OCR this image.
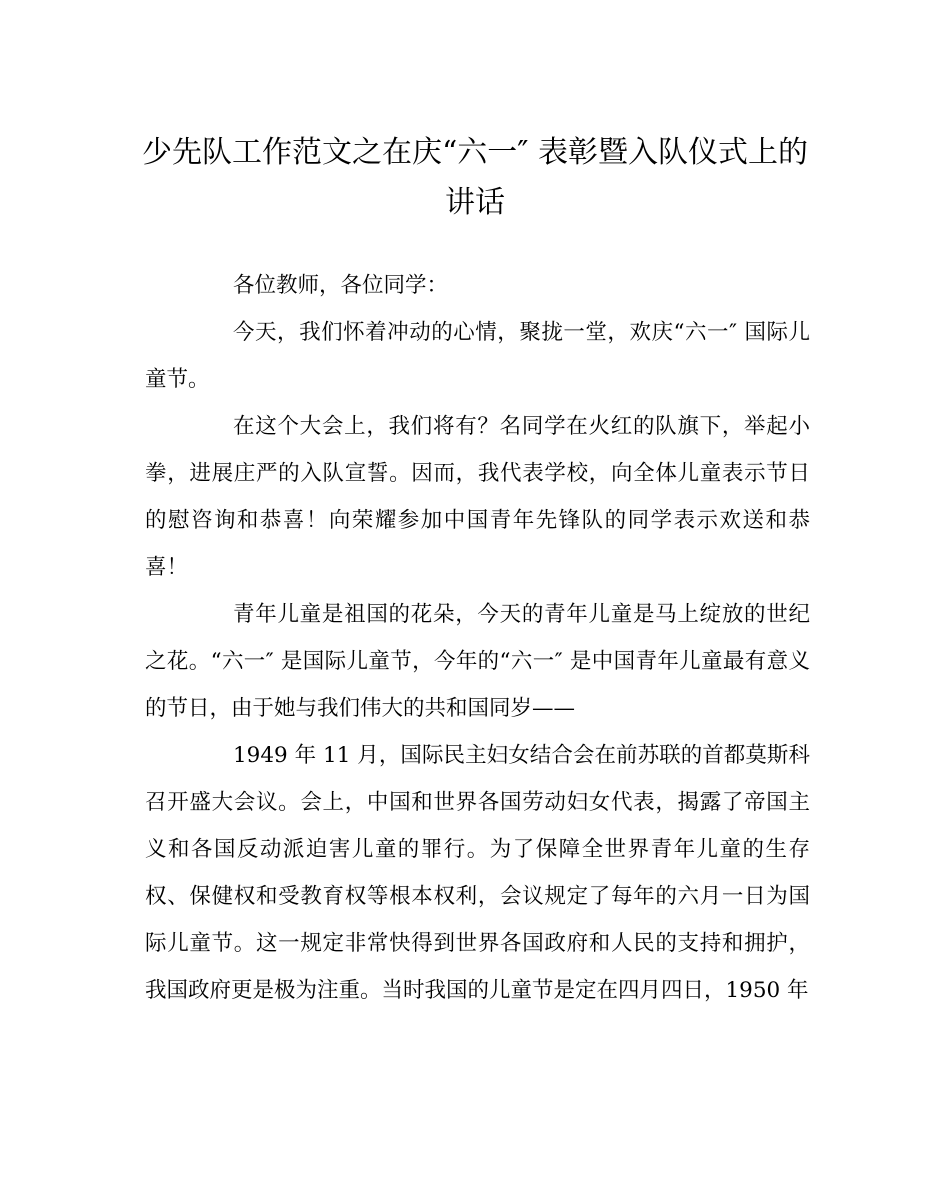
少先队工作范文之在庆“六一″ 表彰暨入队仪式上的讲话

各位教师，各位同学：

今天，我们怀着冲动的心情，聚拢一堂，欢庆“六一″ 国际儿童节。

在这个大会上，我们将有？名同学在火红的队旗下，举起小拳，进展庄严的入队宣誓。因而，我代表学校，向全体儿童表示节日的慰咨询和恭喜！向荣耀参加中国青年先锋队的同学表示欢送和恭喜！

青年儿童是祖国的花朵，今天的青年儿童是马上绽放的世纪之花。“六一″ 是国际儿童节，今年的“六一″ 是中国青年儿童最有意义的节日，由于她与我们伟大的共和国同岁——

1949 年 11 月，国际民主妇女结合会在前苏联的首都莫斯科召开盛大会议。会上，中国和世界各国劳动妇女代表，揭露了帝国主义和各国反动派迫害儿童的罪行。为了保障全世界青年儿童的生存权、保健权和受教育权等根本权利，会议规定了每年的六月一日为国际儿童节。这一规定非常快得到世界各国政府和人民的支持和拥护，我国政府更是极为注重。当时我国的儿童节是定在四月四日，1950 年
